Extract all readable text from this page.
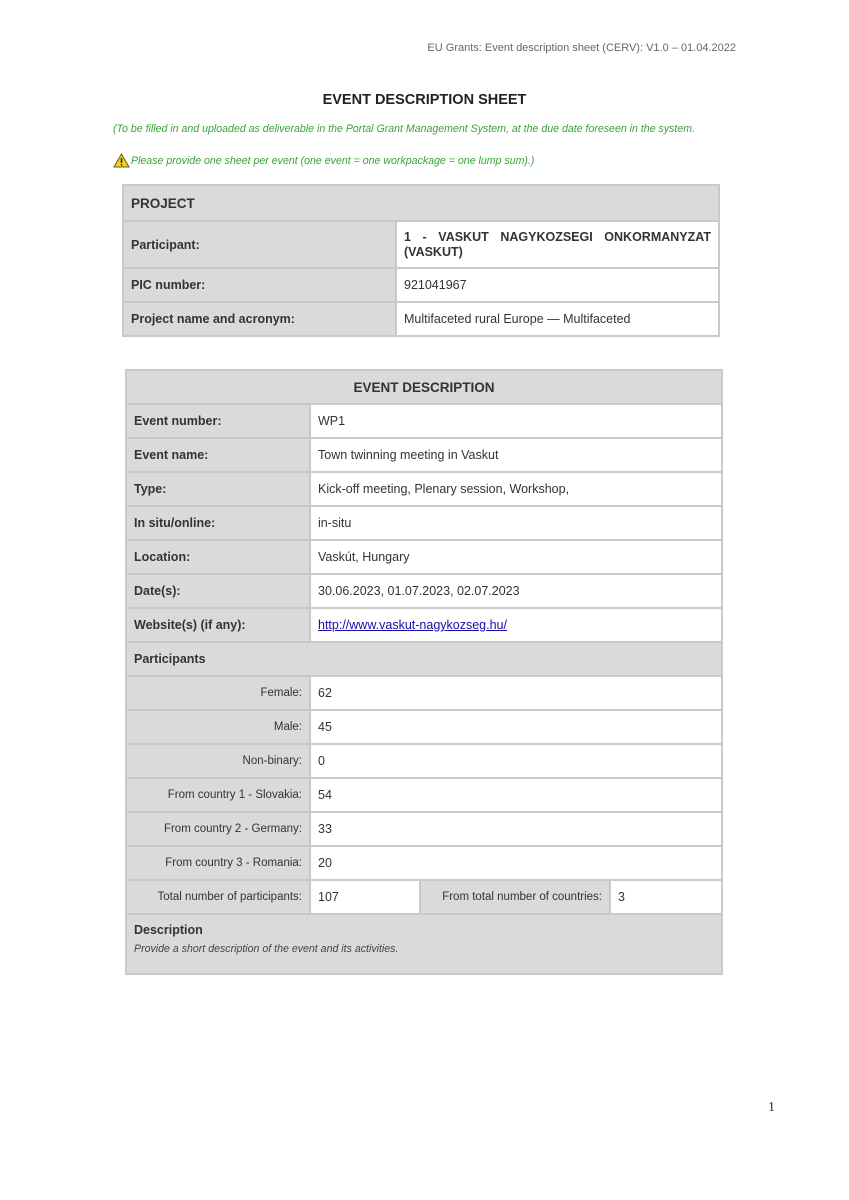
EU Grants: Event description sheet (CERV): V1.0 – 01.04.2022
EVENT DESCRIPTION SHEET
(To be filled in and uploaded as deliverable in the Portal Grant Management System, at the due date foreseen in the system.
Please provide one sheet per event (one event = one workpackage = one lump sum).)
PROJECT	
Participant:	1 - VASKUT NAGYKOZSEGI ONKORMANYZAT (VASKUT)
PIC number:	921041967
Project name and acronym:	Multifaceted rural Europe — Multifaceted
EVENT DESCRIPTION			
Event number:	WP1		
Event name:	Town twinning meeting in Vaskut		
Type:	Kick-off meeting, Plenary session, Workshop,		
In situ/online:	in-situ		
Location:	Vaskút, Hungary		
Date(s):	30.06.2023, 01.07.2023, 02.07.2023		
Website(s) (if any):	http://www.vaskut-nagykozseg.hu/		
Participants			
Female:	62		
Male:	45		
Non-binary:	0		
From country 1 - Slovakia:	54		
From country 2 - Germany:	33		
From country 3 - Romania:	20		
Total number of participants:	107	From total number of countries:	3

Description
Provide a short description of the event and its activities.			
1
